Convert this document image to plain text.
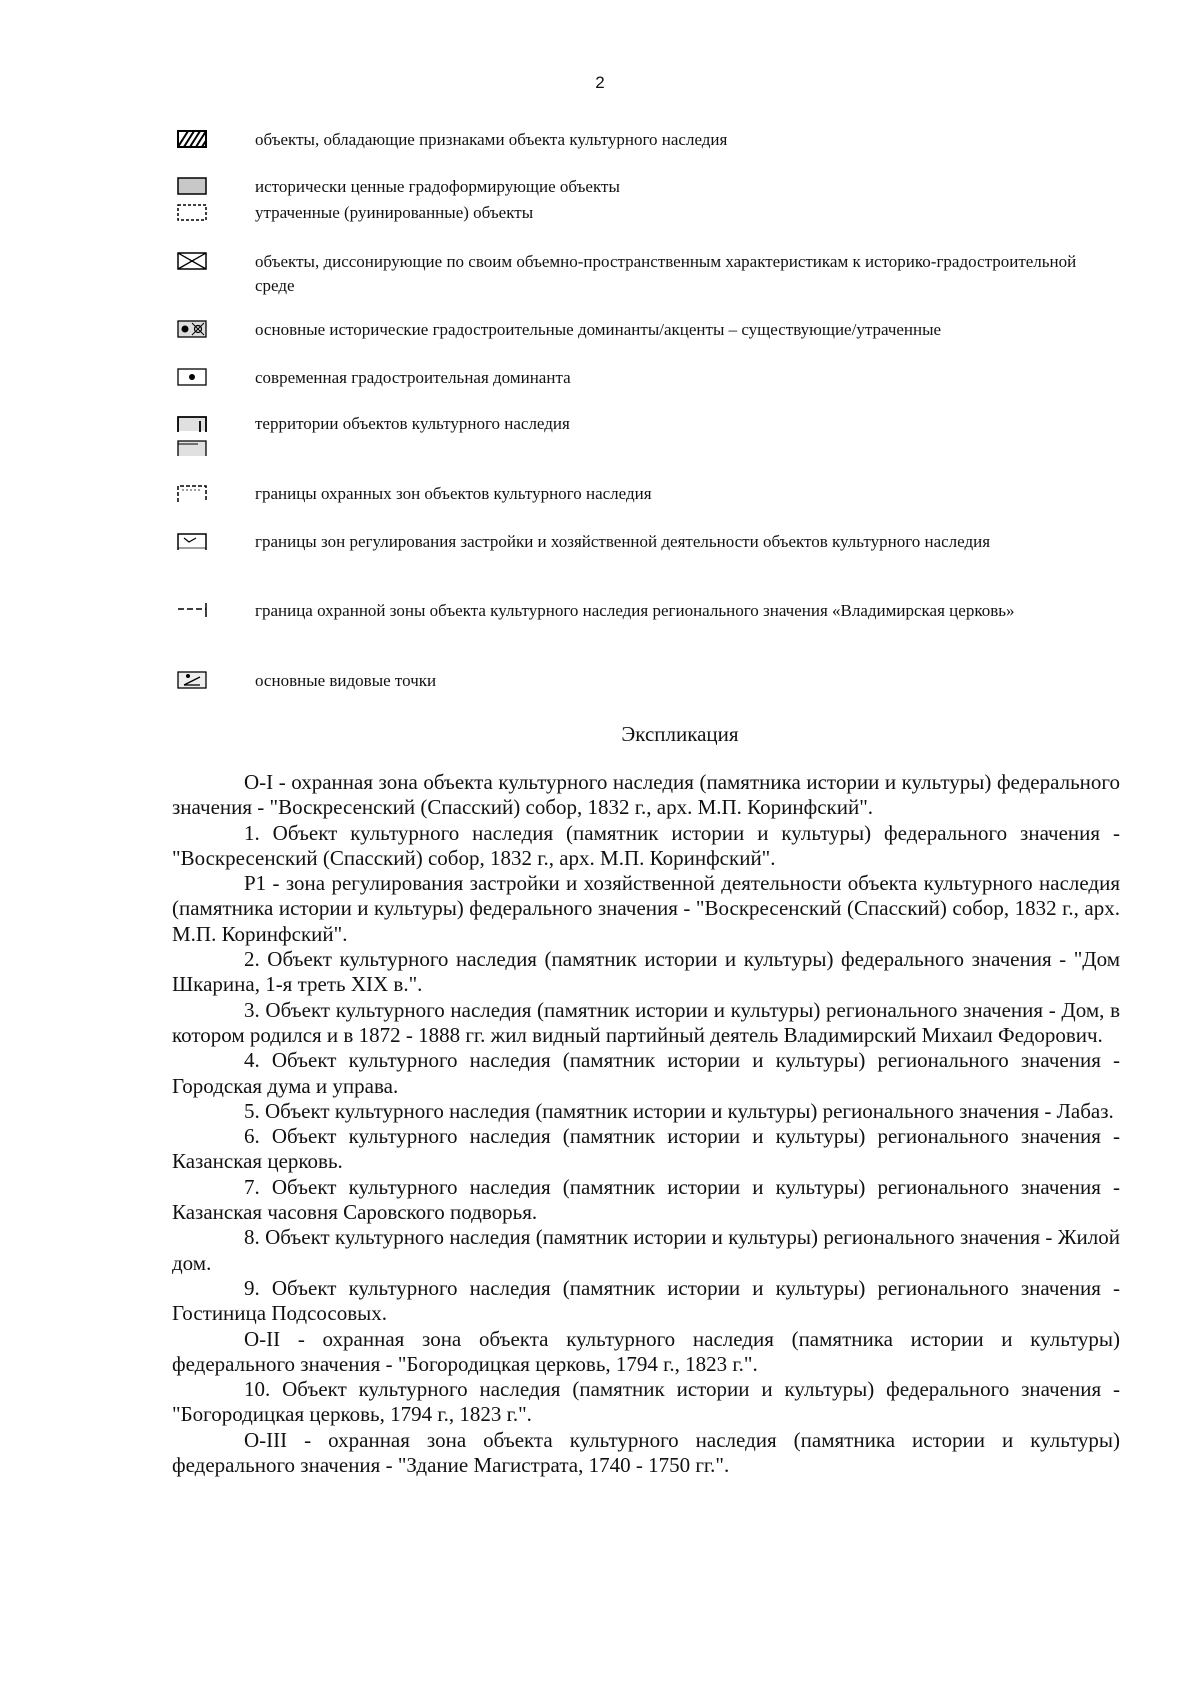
2
объекты, обладающие признаками объекта культурного наследия
исторически ценные градоформирующие объекты
утраченные (руинированные) объекты
объекты, диссонирующие по своим объемно-пространственным характеристикам к историко-градостроительной среде
основные исторические градостроительные доминанты/акценты – существующие/утраченные
современная градостроительная доминанта
территории объектов культурного наследия
границы охранных зон объектов культурного наследия
границы зон регулирования застройки и хозяйственной деятельности объектов культурного наследия
граница охранной зоны объекта культурного наследия регионального значения «Владимирская церковь»
основные видовые точки
Экспликация

О-I - охранная зона объекта культурного наследия (памятника истории и культуры) федерального значения - "Воскресенский (Спасский) собор, 1832 г., арх. М.П. Коринфский".

1. Объект культурного наследия (памятник истории и культуры) федерального значения - "Воскресенский (Спасский) собор, 1832 г., арх. М.П. Коринфский".

Р1 - зона регулирования застройки и хозяйственной деятельности объекта культурного наследия (памятника истории и культуры) федерального значения - "Воскресенский (Спасский) собор, 1832 г., арх. М.П. Коринфский".

2. Объект культурного наследия (памятник истории и культуры) федерального значения - "Дом Шкарина, 1-я треть XIX в.".

3. Объект культурного наследия (памятник истории и культуры) регионального значения - Дом, в котором родился и в 1872 - 1888 гг. жил видный партийный деятель Владимирский Михаил Федорович.

4. Объект культурного наследия (памятник истории и культуры) регионального значения - Городская дума и управа.

5. Объект культурного наследия (памятник истории и культуры) регионального значения - Лабаз.

6. Объект культурного наследия (памятник истории и культуры) регионального значения - Казанская церковь.

7. Объект культурного наследия (памятник истории и культуры) регионального значения - Казанская часовня Саровского подворья.

8. Объект культурного наследия (памятник истории и культуры) регионального значения - Жилой дом.

9. Объект культурного наследия (памятник истории и культуры) регионального значения - Гостиница Подсосовых.

О-II - охранная зона объекта культурного наследия (памятника истории и культуры) федерального значения - "Богородицкая церковь, 1794 г., 1823 г.".

10. Объект культурного наследия (памятник истории и культуры) федерального значения - "Богородицкая церковь, 1794 г., 1823 г.".

О-III - охранная зона объекта культурного наследия (памятника истории и культуры) федерального значения - "Здание Магистрата, 1740 - 1750 гг.".
